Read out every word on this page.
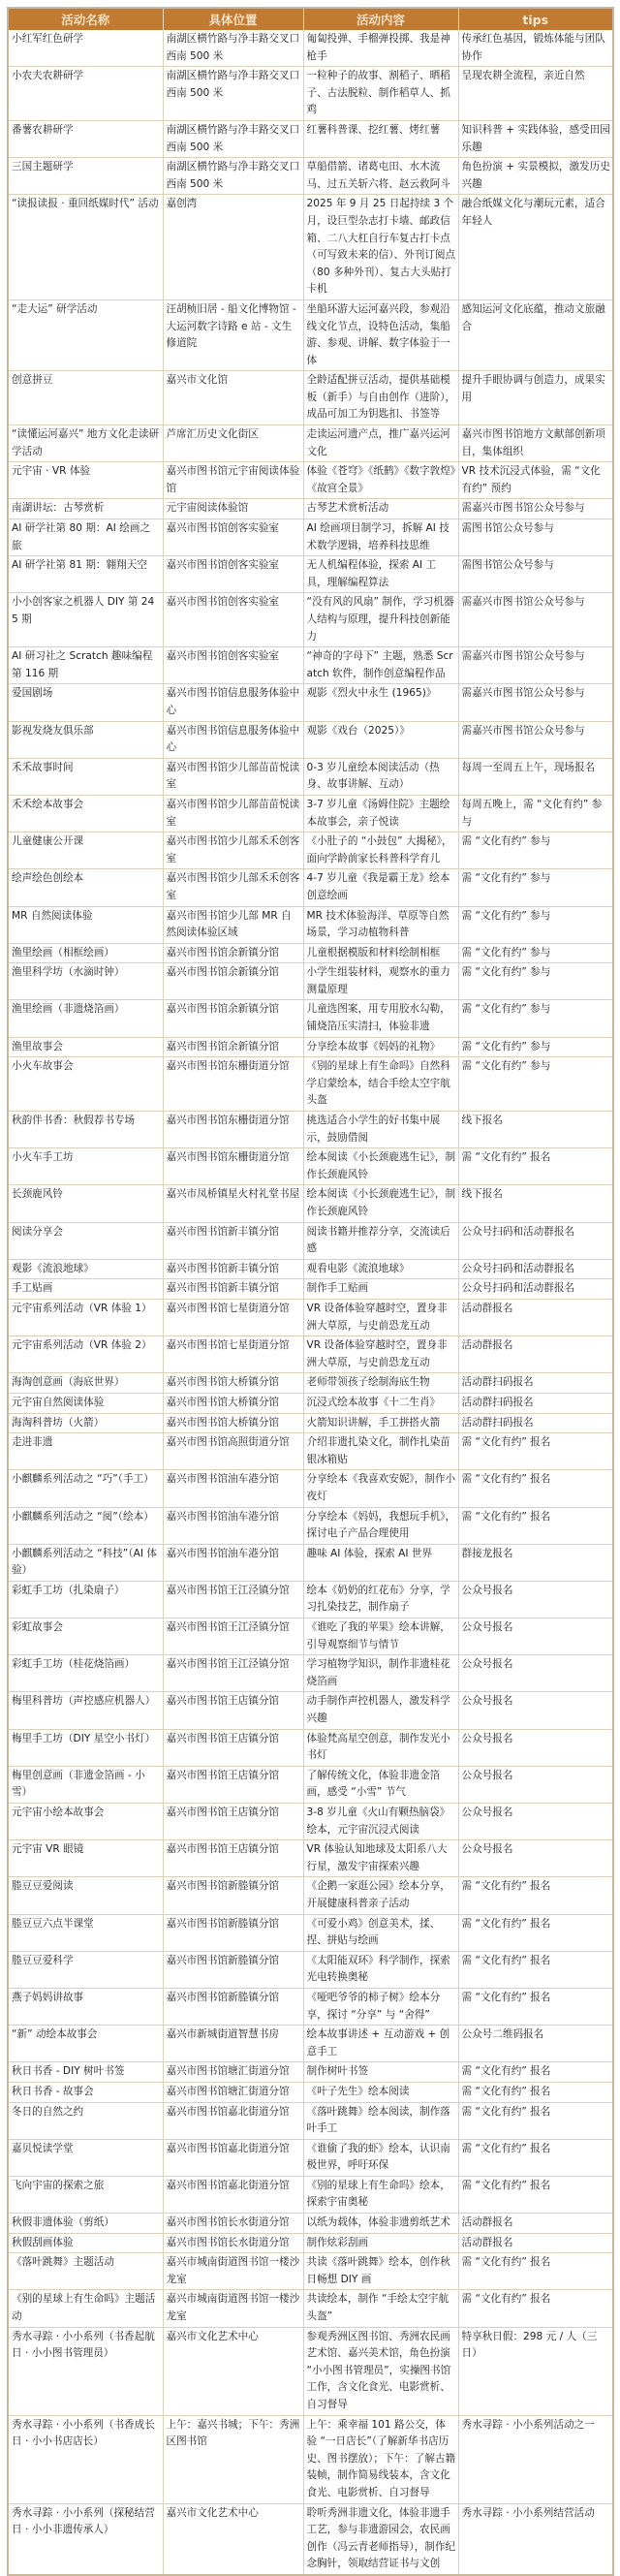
活动名称	具体位置	活动内容	tips
小红军红色研学	南湖区横竹路与净丰路交叉口西南 500 米	匍匐投弹、手榴弹投掷、我是神枪手	传承红色基因，锻炼体能与团队协作
小农夫农耕研学	南湖区横竹路与净丰路交叉口西南 500 米	一粒种子的故事、割稻子、晒稻子、古法脱粒、制作稻草人、抓鸡	呈现农耕全流程，亲近自然
番薯农耕研学	南湖区横竹路与净丰路交叉口西南 500 米	红薯科普课、挖红薯、烤红薯	知识科普 + 实践体验，感受田园乐趣
三国主题研学	南湖区横竹路与净丰路交叉口西南 500 米	草船借箭、诸葛屯田、水木流马、过五关斩六将、赵云救阿斗	角色扮演 + 实景模拟，激发历史兴趣
“读报读报 · 重回纸媒时代” 活动	嘉创湾	2025 年 9 月 25 日起持续 3 个月，设巨型杂志打卡墙、邮政信箱、二八大杠自行车复古打卡点（可写致未来的信）、外刊订阅点（80 多种外刊）、复古大头贴打卡机	融合纸媒文化与潮玩元素，适合年轻人
“走大运” 研学活动	汪胡桢旧居 - 船文化博物馆 - 大运河数字诗路 e 站 - 文生修道院	坐船环游大运河嘉兴段，参观沿线文化节点，设特色活动，集船游、参观、讲解、数字体验于一体	感知运河文化底蕴，推动文旅融合
创意拼豆	嘉兴市文化馆	全龄适配拼豆活动，提供基础模板（新手）与自由创作（进阶），成品可加工为钥匙扣、书签等	提升手眼协调与创造力，成果实用
“读懂运河嘉兴” 地方文化走读研学活动	芦席汇历史文化街区	走读运河遗产点，推广嘉兴运河文化	嘉兴市图书馆地方文献部创新项目，集体组织
元宇宙 · VR 体验	嘉兴市图书馆元宇宙阅读体验馆	体验《苍穹》《纸鹤》《数字敦煌》《故宫全景》	VR 技术沉浸式体验，需 “文化有约” 预约
南湖讲坛：古琴赏析	元宇宙阅读体验馆	古琴艺术赏析活动	需嘉兴市图书馆公众号参与
AI 研学社第 80 期：AI 绘画之旅	嘉兴市图书馆创客实验室	AI 绘画项目制学习，拆解 AI 技术数学逻辑，培养科技思维	需图书馆公众号参与
AI 研学社第 81 期：翱翔天空	嘉兴市图书馆创客实验室	无人机编程体验，探索 AI 工具，理解编程算法	需图书馆公众号参与
小小创客家之机器人 DIY 第 245 期	嘉兴市图书馆创客实验室	“没有风的风扇” 制作，学习机器人结构与原理，提升科技创新能力	需嘉兴市图书馆公众号参与
AI 研习社之 Scratch 趣味编程第 116 期	嘉兴市图书馆创客实验室	“神奇的字母下” 主题，熟悉 Scratch 软件，制作创意编程作品	需嘉兴市图书馆公众号参与
爱国剧场	嘉兴市图书馆信息服务体验中心	观影《烈火中永生 (1965)》	需嘉兴市图书馆公众号参与
影视发烧友俱乐部	嘉兴市图书馆信息服务体验中心	观影《戏台（2025）》	需嘉兴市图书馆公众号参与
禾禾故事时间	嘉兴市图书馆少儿部苗苗悦读室	0-3 岁儿童绘本阅读活动（热身、故事讲解、互动）	每周一至周五上午，现场报名
禾禾绘本故事会	嘉兴市图书馆少儿部苗苗悦读室	3-7 岁儿童《汤姆住院》主题绘本故事会，亲子悦读	每周五晚上，需 “文化有约” 参与
儿童健康公开课	嘉兴市图书馆少儿部禾禾创客室	《小肚子的 “小鼓包” 大揭秘》，面向学龄前家长科普科学育儿	需 “文化有约” 参与
绘声绘色创绘本	嘉兴市图书馆少儿部禾禾创客室	4-7 岁儿童《我是霸王龙》绘本创意绘画	需 “文化有约” 参与
MR 自然阅读体验	嘉兴市图书馆少儿部 MR 自然阅读体验区域	MR 技术体验海洋、草原等自然场景，学习动植物科普	需 “文化有约” 参与
渔里绘画（相框绘画）	嘉兴市图书馆余新镇分馆	儿童根据模版和材料绘制相框	需 “文化有约” 参与
渔里科学坊（水滴时钟）	嘉兴市图书馆余新镇分馆	小学生组装材料，观察水的重力测量原理	需 “文化有约” 参与
渔里绘画（非遗烧箔画）	嘉兴市图书馆余新镇分馆	儿童选图案，用专用胶水勾勒，铺烧箔压实清扫，体验非遗	需 “文化有约” 参与
渔里故事会	嘉兴市图书馆余新镇分馆	分享绘本故事《妈妈的礼物》	需 “文化有约” 参与
小火车故事会	嘉兴市图书馆东栅街道分馆	《别的星球上有生命吗》自然科学启蒙绘本，结合手绘太空宇航头盔	需 “文化有约” 参与
秋韵伴书香：秋假荐书专场	嘉兴市图书馆东栅街道分馆	挑选适合小学生的好书集中展示，鼓励借阅	线下报名
小火车手工坊	嘉兴市图书馆东栅街道分馆	绘本阅读《小长颈鹿逃生记》，制作长颈鹿风铃	需 “文化有约” 报名
长颈鹿风铃	嘉兴市凤桥镇星火村礼堂书屋	绘本阅读《小长颈鹿逃生记》，制作长颈鹿风铃	线下报名
阅读分享会	嘉兴市图书馆新丰镇分馆	阅读书籍并推荐分享，交流读后感	公众号扫码和活动群报名
观影《流浪地球》	嘉兴市图书馆新丰镇分馆	观看电影《流浪地球》	公众号扫码和活动群报名
手工贴画	嘉兴市图书馆新丰镇分馆	制作手工贴画	公众号扫码和活动群报名
元宇宙系列活动（VR 体验 1）	嘉兴市图书馆七星街道分馆	VR 设备体验穿越时空，置身非洲大草原，与史前恐龙互动	活动群报名
元宇宙系列活动（VR 体验 2）	嘉兴市图书馆七星街道分馆	VR 设备体验穿越时空，置身非洲大草原，与史前恐龙互动	活动群报名
海淘创意画（海底世界）	嘉兴市图书馆大桥镇分馆	老师带领孩子绘制海底生物	活动群扫码报名
元宇宙自然阅读体验	嘉兴市图书馆大桥镇分馆	沉浸式绘本故事《十二生肖》	活动群扫码报名
海淘科普坊（火箭）	嘉兴市图书馆大桥镇分馆	火箭知识讲解，手工拼搭火箭	活动群扫码报名
走进非遗	嘉兴市图书馆高照街道分馆	介绍非遗扎染文化，制作扎染苗银冰箱贴	需 “文化有约” 报名
小麒麟系列活动之 “巧”（手工）	嘉兴市图书馆油车港分馆	分享绘本《我喜欢安妮》，制作小夜灯	需 “文化有约” 报名
小麒麟系列活动之 “阅”（绘本）	嘉兴市图书馆油车港分馆	分享绘本《妈妈，我想玩手机》，探讨电子产品合理使用	需 “文化有约” 报名
小麒麟系列活动之 “科技”（AI 体验）	嘉兴市图书馆油车港分馆	趣味 AI 体验，探索 AI 世界	群接龙报名
彩虹手工坊（扎染扇子）	嘉兴市图书馆王江泾镇分馆	绘本《奶奶的红花布》分享，学习扎染技艺，制作扇子	公众号报名
彩虹故事会	嘉兴市图书馆王江泾镇分馆	《谁吃了我的苹果》绘本讲解，引导观察细节与情节	公众号报名
彩虹手工坊（桂花烧箔画）	嘉兴市图书馆王江泾镇分馆	学习植物学知识，制作非遗桂花烧箔画	公众号报名
梅里科普坊（声控感应机器人）	嘉兴市图书馆王店镇分馆	动手制作声控机器人，激发科学兴趣	公众号报名
梅里手工坊（DIY 星空小书灯）	嘉兴市图书馆王店镇分馆	体验梵高星空创意，制作发光小书灯	公众号报名
梅里创意画（非遗金箔画 - 小雪）	嘉兴市图书馆王店镇分馆	了解传统文化，体验非遗金箔画，感受 “小雪” 节气	公众号报名
元宇宙小绘本故事会	嘉兴市图书馆王店镇分馆	3-8 岁儿童《火山有颗热脑袋》绘本，元宇宙沉浸式阅读	公众号报名
元宇宙 VR 眼镜	嘉兴市图书馆王店镇分馆	VR 体验认知地球及太阳系八大行星，激发宇宙探索兴趣	公众号报名
塍豆豆爱阅读	嘉兴市图书馆新塍镇分馆	《企鹅一家逛公园》绘本分享，开展健康科普亲子活动	需 “文化有约” 报名
塍豆豆六点半课堂	嘉兴市图书馆新塍镇分馆	《可爱小鸡》创意美术，揉、捏、拼贴与绘画	需 “文化有约” 报名
塍豆豆爱科学	嘉兴市图书馆新塍镇分馆	《太阳能双环》科学制作，探索光电转换奥秘	需 “文化有约” 报名
燕子妈妈讲故事	嘉兴市图书馆新塍镇分馆	《哑吧爷爷的柿子树》绘本分享，探讨 “分享” 与 “舍得”	需 “文化有约” 报名
“新” 动绘本故事会	嘉兴市新城街道智慧书房	绘本故事讲述 + 互动游戏 + 创意手工	公众号二维码报名
秋日书香 - DIY 树叶书签	嘉兴市图书馆塘汇街道分馆	制作树叶书签	需 “文化有约” 报名
秋日书香 - 故事会	嘉兴市图书馆塘汇街道分馆	《叶子先生》绘本阅读	需 “文化有约” 报名
冬日的自然之约	嘉兴市图书馆嘉北街道分馆	《落叶跳舞》绘本阅读，制作落叶手工	需 “文化有约” 报名
嘉贝悦读学堂	嘉兴市图书馆嘉北街道分馆	《谁偷了我的虾》绘本，认识南极世界，呼吁环保	需 “文化有约” 报名
飞向宇宙的探索之旅	嘉兴市图书馆嘉北街道分馆	《别的星球上有生命吗》绘本，探索宇宙奥秘	需 “文化有约” 报名
秋假非遗体验（剪纸）	嘉兴市图书馆长水街道分馆	以纸为载体，体验非遗剪纸艺术	活动群报名
秋假刮画体验	嘉兴市图书馆长水街道分馆	制作炫彩刮画	活动群报名
《落叶跳舞》主题活动	嘉兴市城南街道图书馆一楼沙龙室	共读《落叶跳舞》绘本，创作秋日畅想 DIY 画	需 “文化有约” 报名
《别的星球上有生命吗》主题活动	嘉兴市城南街道图书馆一楼沙龙室	共读绘本，制作 “手绘太空宇航头盔”	需 “文化有约” 报名
秀水寻踪 · 小小系列（书香起航日 · 小小图书管理员）	嘉兴市文化艺术中心	参观秀洲区图书馆、秀洲农民画艺术馆、嘉兴美术馆，角色扮演 “小小图书管理员”，实操图书馆工作，含文化食光、电影赏析、自习督导	特享秋日假：298 元 / 人（三日）
秀水寻踪 · 小小系列（书香成长日 · 小小书店店长）	上午：嘉兴书城；下午：秀洲区图书馆	上午：乘幸福 101 路公交，体验 “一日店长”（了解新华书店历史、图书摆放）；下午：了解古籍装帧，制作简易线装本，含文化食光、电影赏析、自习督导	秀水寻踪 · 小小系列活动之一
秀水寻踪 · 小小系列（探秘结营日 · 小小非遗传承人）	嘉兴市文化艺术中心	聆听秀洲非遗文化，体验非遗手工艺，参与非遗游园会，农民画创作（冯云青老师指导），制作纪念胸针，领取结营证书与文创	秀水寻踪 · 小小系列结营活动
